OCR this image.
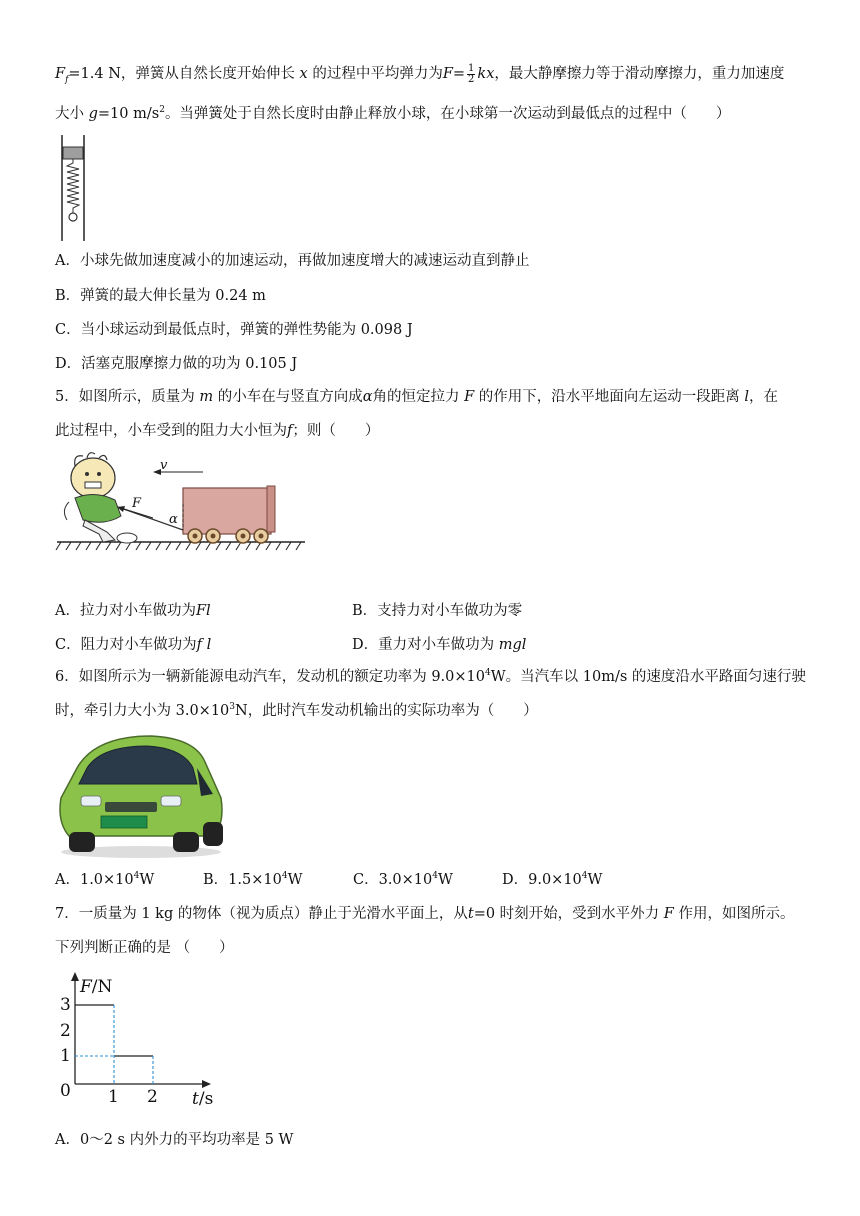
$F_f=1.4$ N，弹簧从自然长度开始伸长 x 的过程中平均弹力为$F= \frac{1}{2}$ kx，最大静摩擦力等于滑动摩擦力，重力加速度
大小 g=10 $m/s^2$。当弹簧处于自然长度时由静止释放小球，在小球第一次运动到最低点的过程中（　　）
A．小球先做加速度减小的加速运动，再做加速度增大的减速运动直到静止
B．弹簧的最大伸长量为 0.24 m
C．当小球运动到最低点时，弹簧的弹性势能为 0.098 J
D．活塞克服摩擦力做的功为 0.105 J
5．如图所示，质量为 m 的小车在与竖直方向成α角的恒定拉力 F 的作用下，沿水平地面向左运动一段距离 l，在
此过程中，小车受到的阻力大小恒为f；则（　　）
v
F
α
A．拉力对小车做功为Fl	B．支持力对小车做功为零
C．阻力对小车做功为f l	D．重力对小车做功为 mgl
6．如图所示为一辆新能源电动汽车，发动机的额定功率为 $9.0\times 10^4W$。当汽车以 10m/s 的速度沿水平路面匀速行驶
时，牵引力大小为 $3.0\times 10^3N$，此时汽车发动机输出的实际功率为（　　）
A．$1.0\times 10^4W$	B．$1.5\times 10^4W$	C．$3.0\times 10^4W$	D．$9.0\times 10^4W$
7．一质量为 1 kg 的物体（视为质点）静止于光滑水平面上，从t=0 时刻开始，受到水平外力 F 作用，如图所示。
下列判断正确的是 （　　）
F/N
3
2
1
0 1 2 t/s
A．0～2 s 内外力的平均功率是 5 W
